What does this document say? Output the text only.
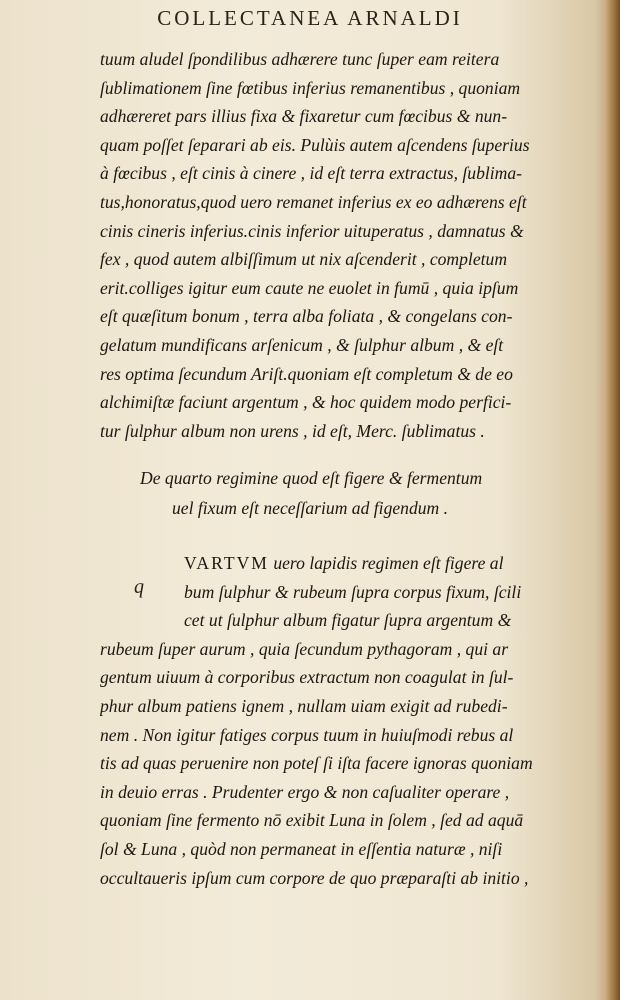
COLLECTANEA ARNALDI
tuum aludel ſpondilibus adhærere tunc ſuper eam reitera
ſublimationem ſine fœtibus inferius remanentibus , quoniam
adhæreret pars illius fixa & fixaretur cum fœcibus & nun-
quam poſſet ſeparari ab eis. Pulùis autem aſcendens ſuperius
à fœcibus , eſt cinis à cinere , id eſt terra extractus, ſublima-
tus,honoratus,quod uero remanet inferius ex eo adhærens eſt
cinis cineris inferius.cinis inferior uituperatus , damnatus &
fex , quod autem albiſſimum ut nix aſcenderit , completum
erit.colliges igitur eum caute ne euolet in fumū , quia ipſum
eſt quæſitum bonum , terra alba foliata , & congelans con-
gelatum mundificans arſenicum , & ſulphur album , & eſt
res optima ſecundum Ariſt.quoniam eſt completum & de eo
alchimiſtæ faciunt argentum , & hoc quidem modo perfici-
tur ſulphur album non urens , id eſt, Merc. ſublimatus .
De quarto regimine quod eſt figere & fermentum
uel fixum eſt neceſſarium ad figendum .
q
VARTVM uero lapidis regimen eſt figere al
bum ſulphur & rubeum ſupra corpus fixum, ſcili
cet ut ſulphur album figatur ſupra argentum &
rubeum ſuper aurum , quia ſecundum pythagoram , qui ar
gentum uiuum à corporibus extractum non coagulat in ſul-
phur album patiens ignem , nullam uiam exigit ad rubedi-
nem . Non igitur fatiges corpus tuum in huiuſmodi rebus al
tis ad quas peruenire non poteſ ſi iſta facere ignoras quoniam
in deuio erras . Prudenter ergo & non caſualiter operare ,
quoniam ſine fermento nō exibit Luna in ſolem , ſed ad aquā
ſol & Luna , quòd non permaneat in eſſentia naturæ , niſi
occultaueris ipſum cum corpore de quo præparaſti ab initio ,
